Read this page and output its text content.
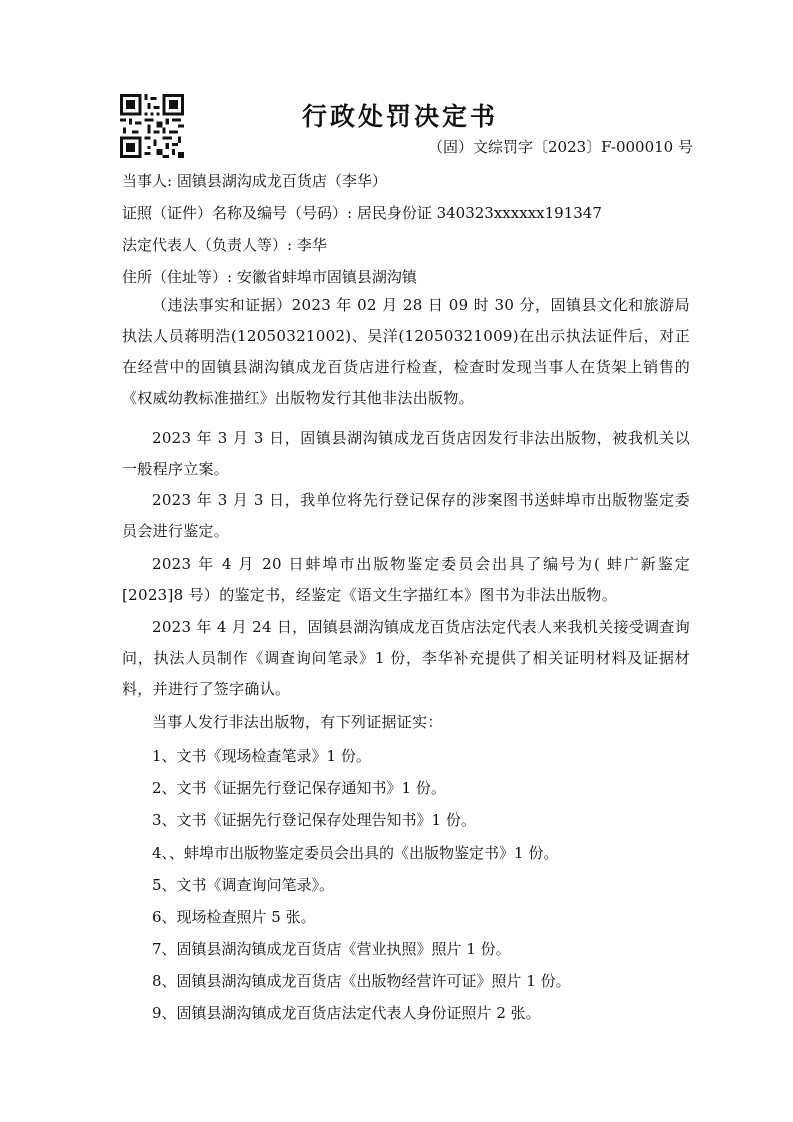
行政处罚决定书
（固）文综罚字〔2023〕F-000010 号
当事人: 固镇县湖沟成龙百货店（李华）
证照（证件）名称及编号（号码）: 居民身份证 340323xxxxxx191347
法定代表人（负责人等）: 李华
住所（住址等）: 安徽省蚌埠市固镇县湖沟镇
（违法事实和证据）2023 年 02 月 28 日 09 时 30 分，固镇县文化和旅游局执法人员蒋明浩(12050321002)、吴洋(12050321009)在出示执法证件后，对正在经营中的固镇县湖沟镇成龙百货店进行检查，检查时发现当事人在货架上销售的《权威幼教标准描红》出版物发行其他非法出版物。
2023 年 3 月 3 日，固镇县湖沟镇成龙百货店因发行非法出版物，被我机关以一般程序立案。
2023 年 3 月 3 日，我单位将先行登记保存的涉案图书送蚌埠市出版物鉴定委员会进行鉴定。
2023 年 4 月 20 日蚌埠市出版物鉴定委员会出具了编号为( 蚌广新鉴定[2023]8 号）的鉴定书，经鉴定《语文生字描红本》图书为非法出版物。
2023 年 4 月 24 日，固镇县湖沟镇成龙百货店法定代表人来我机关接受调查询问，执法人员制作《调查询问笔录》1 份，李华补充提供了相关证明材料及证据材料，并进行了签字确认。
当事人发行非法出版物，有下列证据证实：
1、文书《现场检查笔录》1 份。
2、文书《证据先行登记保存通知书》1 份。
3、文书《证据先行登记保存处理告知书》1 份。
4、、蚌埠市出版物鉴定委员会出具的《出版物鉴定书》1 份。
5、文书《调查询问笔录》。
6、现场检查照片 5 张。
7、固镇县湖沟镇成龙百货店《营业执照》照片 1 份。
8、固镇县湖沟镇成龙百货店《出版物经营许可证》照片 1 份。
9、固镇县湖沟镇成龙百货店法定代表人身份证照片 2 张。
